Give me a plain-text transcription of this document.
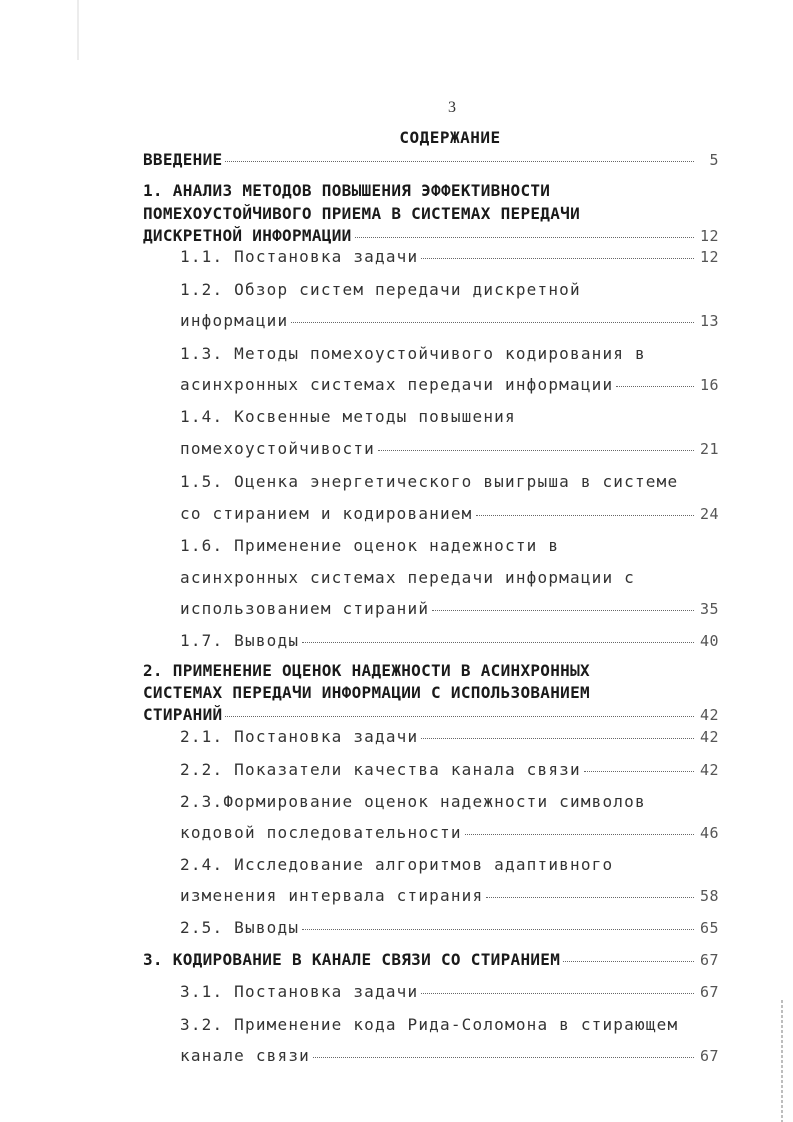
3
СОДЕРЖАНИЕ
ВВЕДЕНИЕ	5
1. АНАЛИЗ МЕТОДОВ ПОВЫШЕНИЯ ЭФФЕКТИВНОСТИ
ПОМЕХОУСТОЙЧИВОГО ПРИЕМА В СИСТЕМАХ ПЕРЕДАЧИ
ДИСКРЕТНОЙ ИНФОРМАЦИИ	12
1.1. Постановка задачи	12
1.2. Обзор систем передачи дискретной
информации	13
1.3. Методы помехоустойчивого кодирования в
асинхронных системах передачи информации	16
1.4. Косвенные методы повышения
помехоустойчивости	21
1.5. Оценка энергетического выигрыша в системе
со стиранием и кодированием	24
1.6. Применение оценок надежности в
асинхронных системах передачи информации с
использованием стираний	35
1.7. Выводы	40
2. ПРИМЕНЕНИЕ ОЦЕНОК НАДЕЖНОСТИ В АСИНХРОННЫХ
СИСТЕМАХ ПЕРЕДАЧИ ИНФОРМАЦИИ С ИСПОЛЬЗОВАНИЕМ
СТИРАНИЙ	42
2.1. Постановка задачи	42
2.2. Показатели качества канала связи	42
2.3.Формирование оценок надежности символов
кодовой последовательности	46
2.4. Исследование алгоритмов адаптивного
изменения интервала стирания	58
2.5. Выводы	65
3. КОДИРОВАНИЕ В КАНАЛЕ СВЯЗИ СО СТИРАНИЕМ	67
3.1. Постановка задачи	67
3.2. Применение кода Рида-Соломона в стирающем
канале связи	67
